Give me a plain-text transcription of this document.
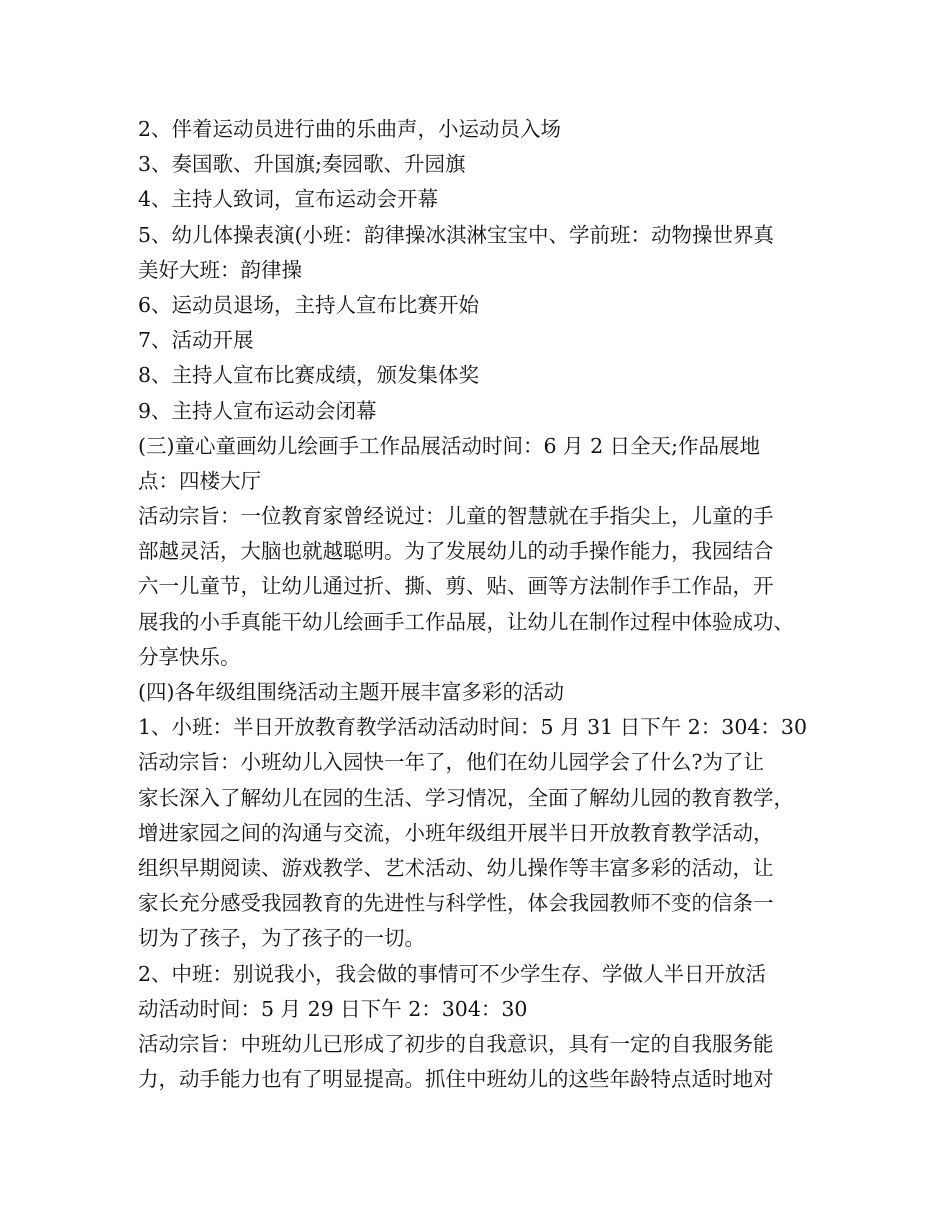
2、伴着运动员进行曲的乐曲声，小运动员入场
3、奏国歌、升国旗;奏园歌、升园旗
4、主持人致词，宣布运动会开幕
5、幼儿体操表演(小班：韵律操冰淇淋宝宝中、学前班：动物操世界真
美好大班：韵律操
6、运动员退场，主持人宣布比赛开始
7、活动开展
8、主持人宣布比赛成绩，颁发集体奖
9、主持人宣布运动会闭幕
(三)童心童画幼儿绘画手工作品展活动时间：6 月 2 日全天;作品展地
点：四楼大厅
活动宗旨：一位教育家曾经说过：儿童的智慧就在手指尖上，儿童的手
部越灵活，大脑也就越聪明。为了发展幼儿的动手操作能力，我园结合
六一儿童节，让幼儿通过折、撕、剪、贴、画等方法制作手工作品，开
展我的小手真能干幼儿绘画手工作品展，让幼儿在制作过程中体验成功、
分享快乐。
(四)各年级组围绕活动主题开展丰富多彩的活动
1、小班：半日开放教育教学活动活动时间：5 月 31 日下午 2：304：30
活动宗旨：小班幼儿入园快一年了，他们在幼儿园学会了什么?为了让
家长深入了解幼儿在园的生活、学习情况，全面了解幼儿园的教育教学，
增进家园之间的沟通与交流，小班年级组开展半日开放教育教学活动，
组织早期阅读、游戏教学、艺术活动、幼儿操作等丰富多彩的活动，让
家长充分感受我园教育的先进性与科学性，体会我园教师不变的信条一
切为了孩子，为了孩子的一切。
2、中班：别说我小，我会做的事情可不少学生存、学做人半日开放活
动活动时间：5 月 29 日下午 2：304：30
活动宗旨：中班幼儿已形成了初步的自我意识，具有一定的自我服务能
力，动手能力也有了明显提高。抓住中班幼儿的这些年龄特点适时地对
